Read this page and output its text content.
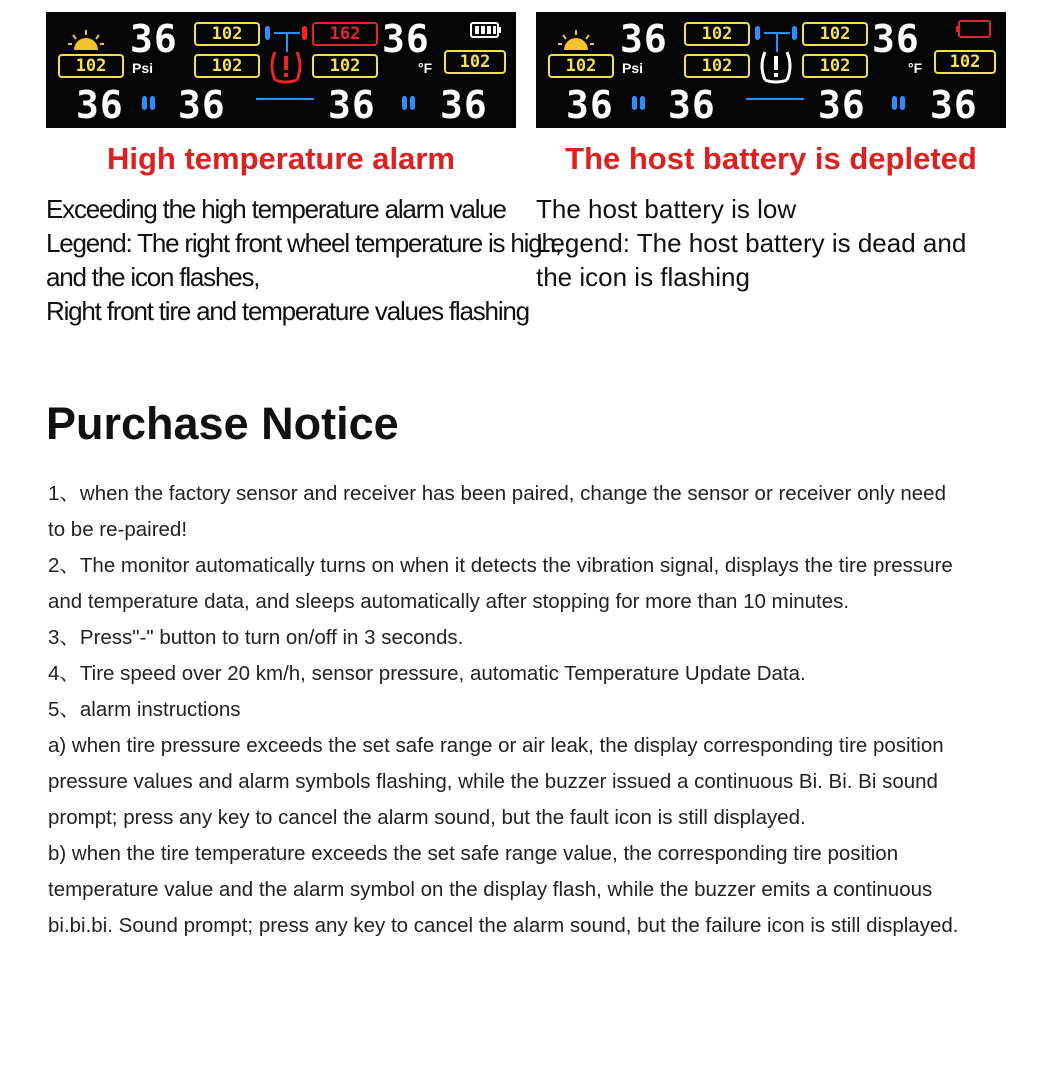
36	102	162 36
102	Psi	102	102	°F	102
36 36	36 36
High temperature alarm
Exceeding the high temperature alarm value
Legend: The right front wheel temperature is high,
and the icon flashes,
Right front tire and temperature values flashing
36	102	102 36
102	Psi	102	102	°F	102
36 36	36 36
The host battery is depleted
The host battery is low
Legend: The host battery is dead and
the icon is flashing
Purchase Notice
1、when the factory sensor and receiver has been paired, change the sensor or receiver only need
to be re-paired!
2、The monitor automatically turns on when it detects the vibration signal, displays the tire pressure
and temperature data, and sleeps automatically after stopping for more than 10 minutes.
3、Press"-" button to turn on/off in 3 seconds.
4、Tire speed over 20 km/h, sensor pressure, automatic Temperature Update Data.
5、alarm instructions
a) when tire pressure exceeds the set safe range or air leak, the display corresponding tire position
pressure values and alarm symbols flashing, while the buzzer issued a continuous Bi. Bi. Bi sound
prompt; press any key to cancel the alarm sound, but the fault icon is still displayed.
b) when the tire temperature exceeds the set safe range value, the corresponding tire position
temperature value and the alarm symbol on the display flash, while the buzzer emits a continuous
bi.bi.bi. Sound prompt; press any key to cancel the alarm sound, but the failure icon is still displayed.
